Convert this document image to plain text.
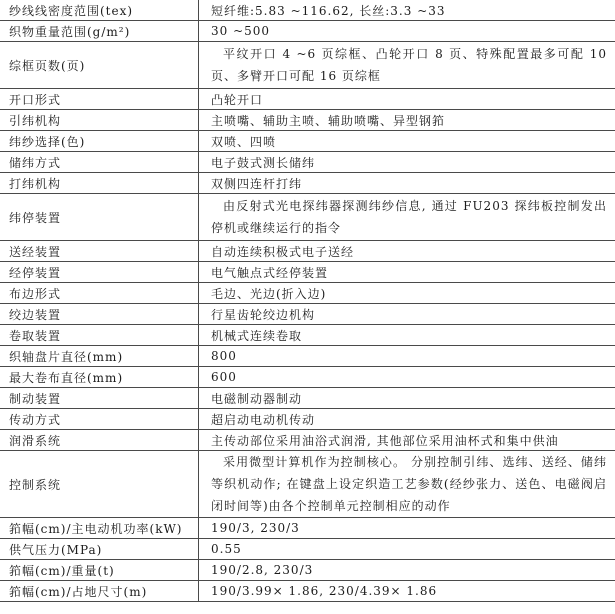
纱线线密度范围(tex)	短纤维:5.83 ~116.62, 长丝:3.3 ~33
织物重量范围(g/m²)	30 ~500
综框页数(页)	平纹开口 4 ~6 页综框、凸轮开口 8 页、特殊配置最多可配 10 页、多臂开口可配 16 页综框
开口形式	凸轮开口
引纬机构	主喷嘴、辅助主喷、辅助喷嘴、异型钢筘
纬纱选择(色)	双喷、四喷
储纬方式	电子鼓式测长储纬
打纬机构	双侧四连杆打纬
纬停装置	由反射式光电探纬器探测纬纱信息, 通过 FU203 探纬板控制发出停机或继续运行的指令
送经装置	自动连续积极式电子送经
经停装置	电气触点式经停装置
布边形式	毛边、光边(折入边)
绞边装置	行星齿轮绞边机构
卷取装置	机械式连续卷取
织轴盘片直径(mm)	800
最大卷布直径(mm)	600
制动装置	电磁制动器制动
传动方式	超启动电动机传动
润滑系统	主传动部位采用油浴式润滑, 其他部位采用油杯式和集中供油
控制系统	采用微型计算机作为控制核心。 分别控制引纬、选纬、送经、储纬等织机动作; 在键盘上设定织造工艺参数(经纱张力、送色、电磁阀启闭时间等)由各个控制单元控制相应的动作
筘幅(cm)/主电动机功率(kW)	190/3, 230/3
供气压力(MPa)	0.55
筘幅(cm)/重量(t)	190/2.8, 230/3
筘幅(cm)/占地尺寸(m)	190/3.99× 1.86, 230/4.39× 1.86
